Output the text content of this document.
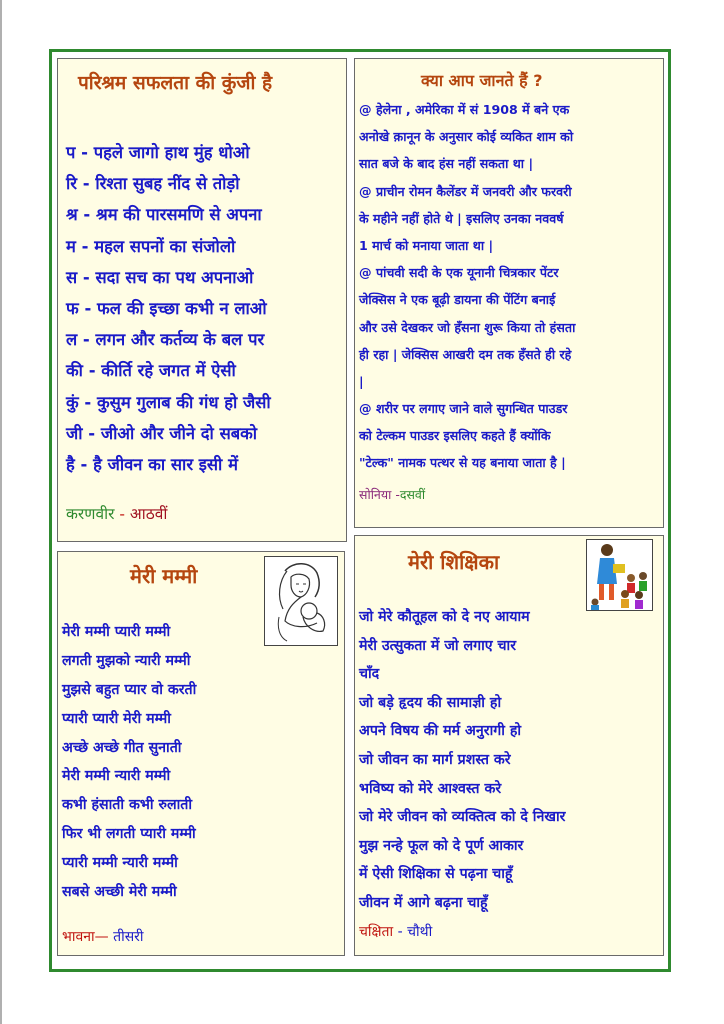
परिश्रम सफलता की कुंजी है
प - पहले जागो हाथ मुंह धोओ
रि - रिश्ता सुबह नींद से तोड़ो
श्र - श्रम की पारसमणि से अपना
म - महल सपनों का संजोलो
स - सदा सच का पथ अपनाओ
फ - फल की इच्छा कभी न लाओ
ल - लगन और कर्तव्य के बल पर
की - कीर्ति रहे जगत में ऐसी
कुं - कुसुम गुलाब की गंध हो जैसी
जी - जीओ और जीने दो सबको
है - है जीवन का सार इसी में
करणवीर - आठवीं
क्या आप जानते हैं ?
@ हेलेना , अमेरिका में सं 1908 में बने एक
अनोखे क़ानून के अनुसार कोई व्यकित शाम को
सात बजे के बाद हंस नहीं सकता था |
@ प्राचीन रोमन कैलेंडर में जनवरी और फरवरी
के महीने नहीं होते थे | इसलिए उनका नववर्ष
1 मार्च को मनाया जाता था |
@ पांचवी सदी के एक यूनानी चित्रकार पेंटर
जेक्सिस ने एक बूढ़ी डायना की पेंटिंग बनाई
और उसे देखकर जो हँसना शुरू किया तो हंसता
ही रहा | जेक्सिस आखरी दम तक हँसते ही रहे
|
@ शरीर पर लगाए जाने वाले सुगन्धित पाउडर
को टेल्कम पाउडर इसलिए कहते हैं क्योंकि
"टेल्क" नामक पत्थर से यह बनाया जाता है |
सोनिया -दसवीं
मेरी मम्मी
मेरी मम्मी प्यारी मम्मी
लगती मुझको न्यारी मम्मी
मुझसे बहुत प्यार वो करती
प्यारी प्यारी मेरी मम्मी
अच्छे अच्छे गीत सुनाती
मेरी मम्मी न्यारी मम्मी
कभी हंसाती कभी रुलाती
फिर भी लगती प्यारी मम्मी
प्यारी मम्मी न्यारी मम्मी
सबसे अच्छी मेरी मम्मी
भावना— तीसरी
मेरी शिक्षिका
जो मेरे कौतूहल को दे नए आयाम
मेरी उत्सुकता में जो लगाए चार
चाँद
जो बड़े हृदय की सामाज्ञी हो
अपने विषय की मर्म अनुरागी हो
जो जीवन का मार्ग प्रशस्त करे
भविष्य को मेरे आश्वस्त करे
जो मेरे जीवन को व्यक्तित्व को दे निखार
मुझ नन्हे फूल को दे पूर्ण आकार
में ऐसी शिक्षिका से पढ़ना चाहूँ
जीवन में आगे बढ़ना चाहूँ
चक्षिता - चौथी
